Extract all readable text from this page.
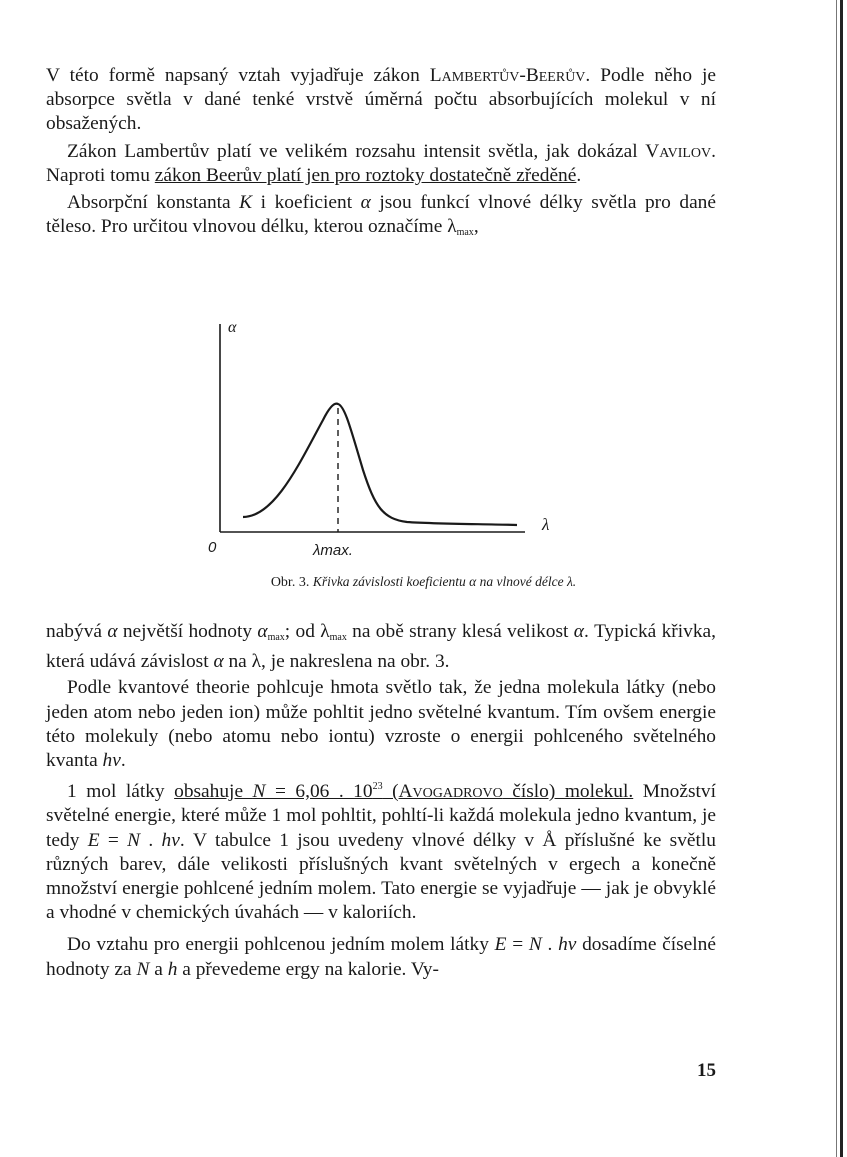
V této formě napsaný vztah vyjadřuje zákon Lambertův-Beerův. Podle něho je absorpce světla v dané tenké vrstvě úměrná počtu absorbujících molekul v ní obsažených.

Zákon Lambertův platí ve velikém rozsahu intensit světla, jak dokázal Vavilov. Naproti tomu zákon Beerův platí jen pro roztoky dostatečně zředěné.

Absorpční konstanta K i koeficient α jsou funkcí vlnové délky světla pro dané těleso. Pro určitou vlnovou délku, kterou označíme $\lambda_{max}$,

α
λ
0	λmax.
Obr. 3. Křivka závislosti koeficientu α na vlnové délce λ.

nabývá α největší hodnoty $\alpha_{max}$; od $\lambda_{max}$ na obě strany klesá velikost α. Typická křivka, která udává závislost α na λ, je nakreslena na obr. 3.

Podle kvantové theorie pohlcuje hmota světlo tak, že jedna molekula látky (nebo jeden atom nebo jeden ion) může pohltit jedno světelné kvantum. Tím ovšem energie této molekuly (nebo atomu nebo iontu) vzroste o energii pohlceného světelného kvanta hν.

1 mol látky obsahuje N = 6,06 . $10^{23}$ (Avogadrovo číslo) molekul. Množství světelné energie, které může 1 mol pohltit, pohltí-li každá molekula jedno kvantum, je tedy E = N . hν. V tabulce 1 jsou uvedeny vlnové délky v Å příslušné ke světlu různých barev, dále velikosti příslušných kvant světelných v ergech a konečně množství energie pohlcené jedním molem. Tato energie se vyjadřuje — jak je obvyklé a vhodné v chemických úvahách — v kaloriích.

Do vztahu pro energii pohlcenou jedním molem látky E = N . hν dosadíme číselné hodnoty za N a h a převedeme ergy na kalorie. Vy-

15
